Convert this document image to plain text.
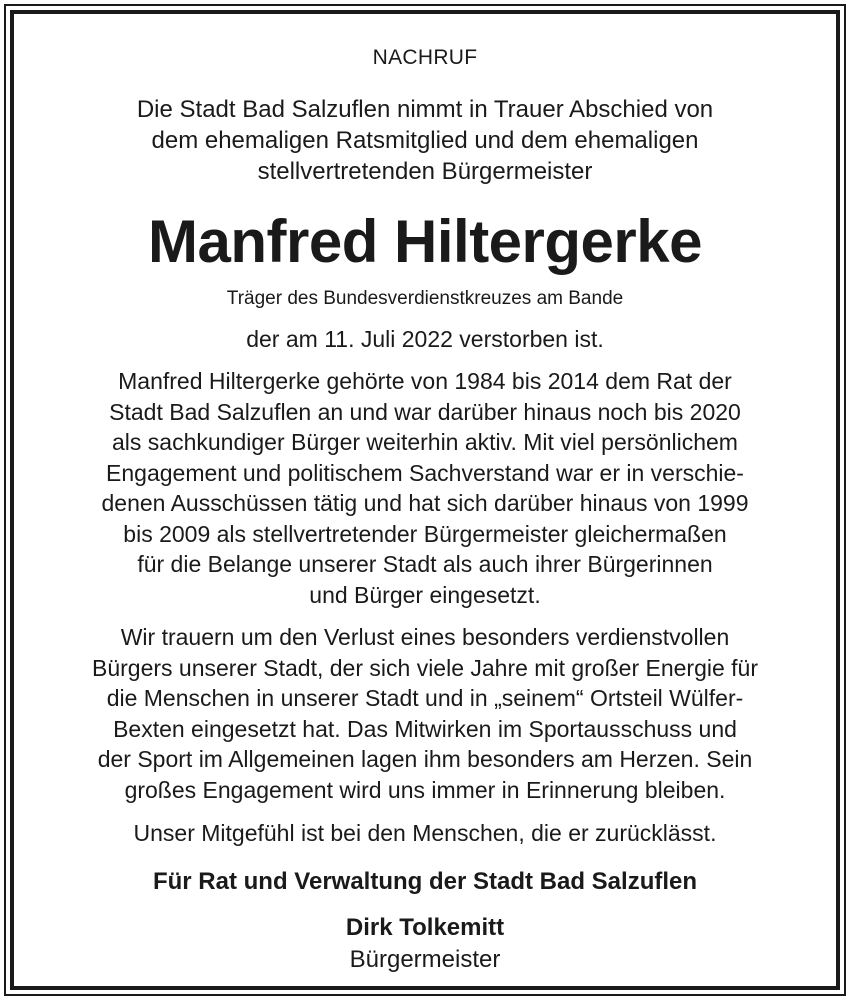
NACHRUF
Die Stadt Bad Salzuflen nimmt in Trauer Abschied von
dem ehemaligen Ratsmitglied und dem ehemaligen
stellvertretenden Bürgermeister
Manfred Hiltergerke
Träger des Bundesverdienstkreuzes am Bande
der am 11. Juli 2022 verstorben ist.
Manfred Hiltergerke gehörte von 1984 bis 2014 dem Rat der
Stadt Bad Salzuflen an und war darüber hinaus noch bis 2020
als sachkundiger Bürger weiterhin aktiv. Mit viel persönlichem
Engagement und politischem Sachverstand war er in verschie-
denen Ausschüssen tätig und hat sich darüber hinaus von 1999
bis 2009 als stellvertretender Bürgermeister gleichermaßen
für die Belange unserer Stadt als auch ihrer Bürgerinnen
und Bürger eingesetzt.
Wir trauern um den Verlust eines besonders verdienstvollen
Bürgers unserer Stadt, der sich viele Jahre mit großer Energie für
die Menschen in unserer Stadt und in „seinem“ Ortsteil Wülfer-
Bexten eingesetzt hat. Das Mitwirken im Sportausschuss und
der Sport im Allgemeinen lagen ihm besonders am Herzen. Sein
großes Engagement wird uns immer in Erinnerung bleiben.
Unser Mitgefühl ist bei den Menschen, die er zurücklässt.
Für Rat und Verwaltung der Stadt Bad Salzuflen
Dirk Tolkemitt
Bürgermeister
